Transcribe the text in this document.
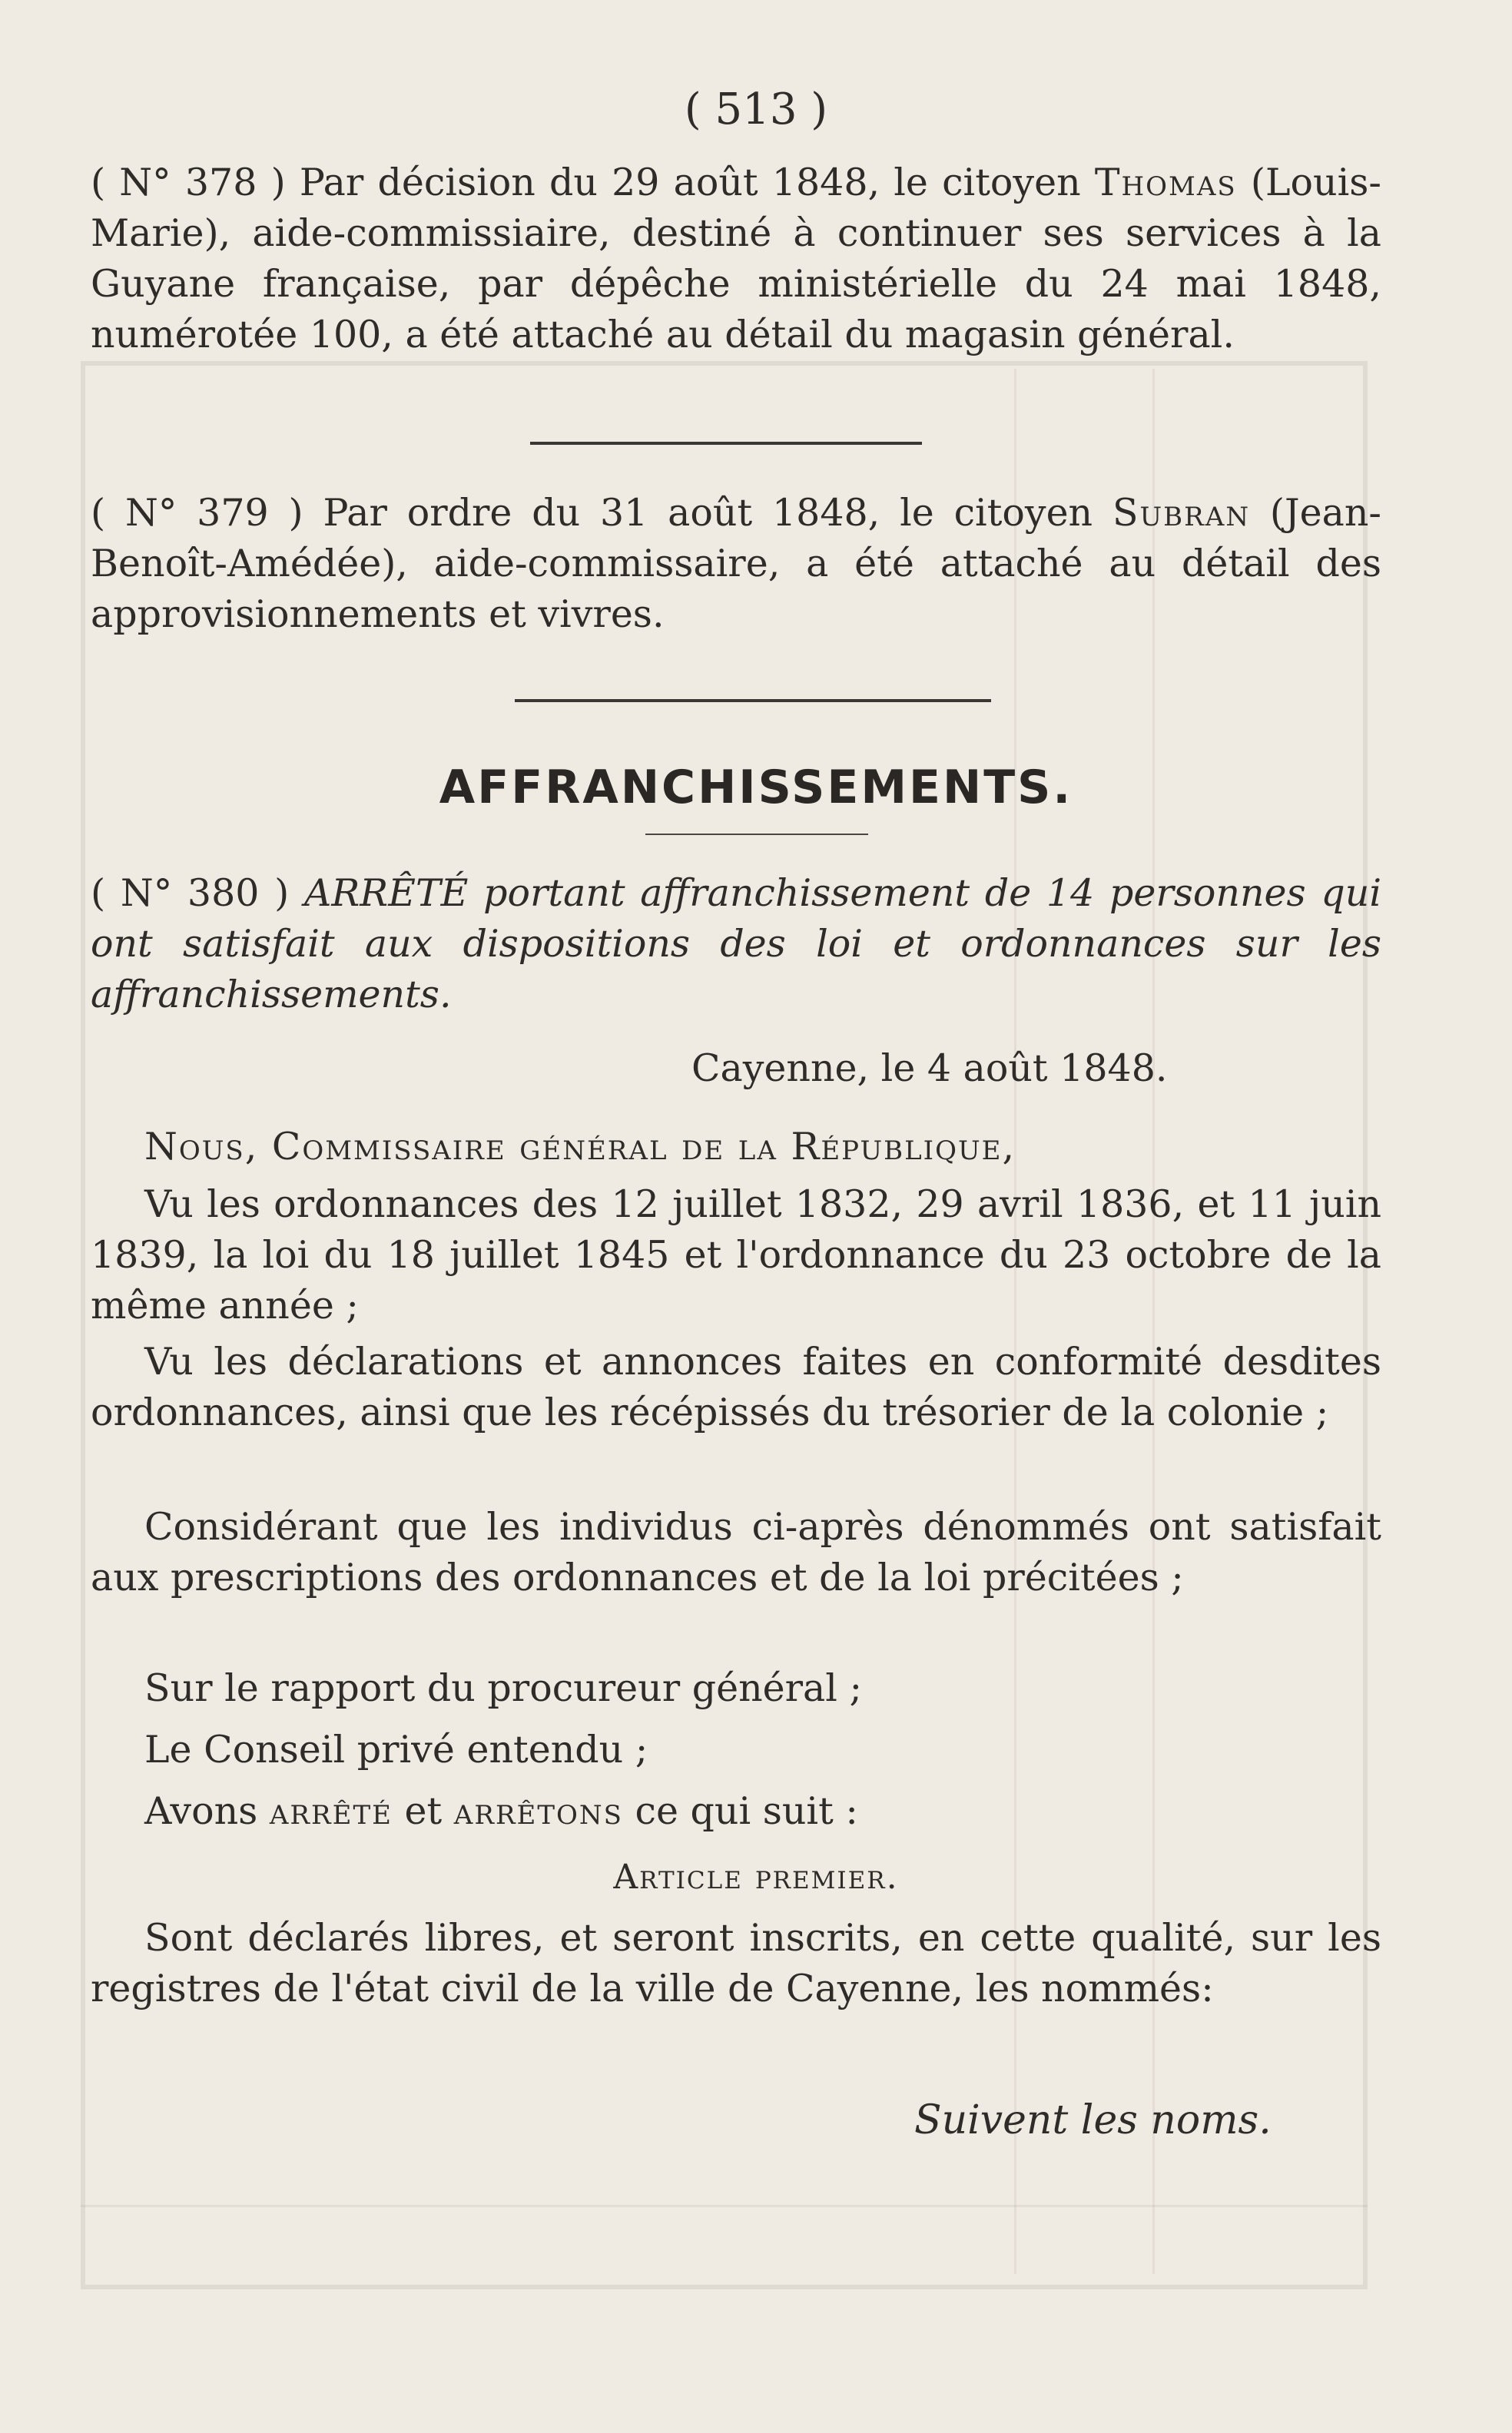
( 513 )
( N° 378 ) Par décision du 29 août 1848, le citoyen Thomas (Louis-Marie), aide-commissiaire, destiné à continuer ses services à la Guyane française, par dépêche ministérielle du 24 mai 1848, numérotée 100, a été attaché au détail du magasin général.
( N° 379 ) Par ordre du 31 août 1848, le citoyen Subran (Jean-Benoît-Amédée), aide-commissaire, a été attaché au détail des approvisionnements et vivres.
AFFRANCHISSEMENTS.
( N° 380 ) ARRÊTÉ portant affranchissement de 14 personnes qui ont satisfait aux dispositions des loi et ordonnances sur les affranchissements.
Cayenne, le 4 août 1848.
Nous, Commissaire général de la République,
Vu les ordonnances des 12 juillet 1832, 29 avril 1836, et 11 juin 1839, la loi du 18 juillet 1845 et l'ordonnance du 23 octobre de la même année ;
Vu les déclarations et annonces faites en conformité desdites ordonnances, ainsi que les récépissés du trésorier de la colonie ;
Considérant que les individus ci-après dénommés ont satisfait aux prescriptions des ordonnances et de la loi précitées ;
Sur le rapport du procureur général ;
Le Conseil privé entendu ;
Avons arrêté et arrêtons ce qui suit :
Article premier.
Sont déclarés libres, et seront inscrits, en cette qualité, sur les registres de l'état civil de la ville de Cayenne, les nommés:
Suivent les noms.
